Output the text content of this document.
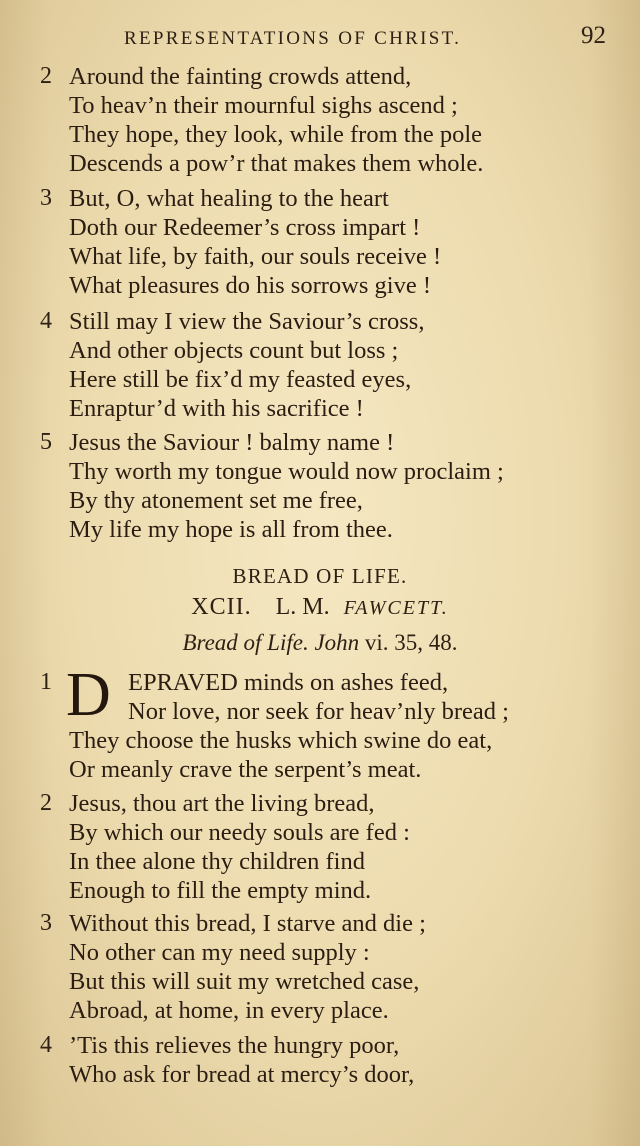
REPRESENTATIONS OF CHRIST.	92
2 Around the fainting crowds attend,
To heav’n their mournful sighs ascend ;
They hope, they look, while from the pole
Descends a pow’r that makes them whole.
3 But, O, what healing to the heart
Doth our Redeemer’s cross impart !
What life, by faith, our souls receive !
What pleasures do his sorrows give !
4 Still may I view the Saviour’s cross,
And other objects count but loss ;
Here still be fix’d my feasted eyes,
Enraptur’d with his sacrifice !
5 Jesus the Saviour ! balmy name !
Thy worth my tongue would now proclaim ;
By thy atonement set me free,
My life my hope is all from thee.
BREAD OF LIFE.
XCII. L. M. FAWCETT.
Bread of Life. John vi. 35, 48.
1 D EPRAVED minds on ashes feed,
Nor love, nor seek for heav’nly bread ;
They choose the husks which swine do eat,
Or meanly crave the serpent’s meat.
2 Jesus, thou art the living bread,
By which our needy souls are fed :
In thee alone thy children find
Enough to fill the empty mind.
3 Without this bread, I starve and die ;
No other can my need supply :
But this will suit my wretched case,
Abroad, at home, in every place.
4 ’Tis this relieves the hungry poor,
Who ask for bread at mercy’s door,
